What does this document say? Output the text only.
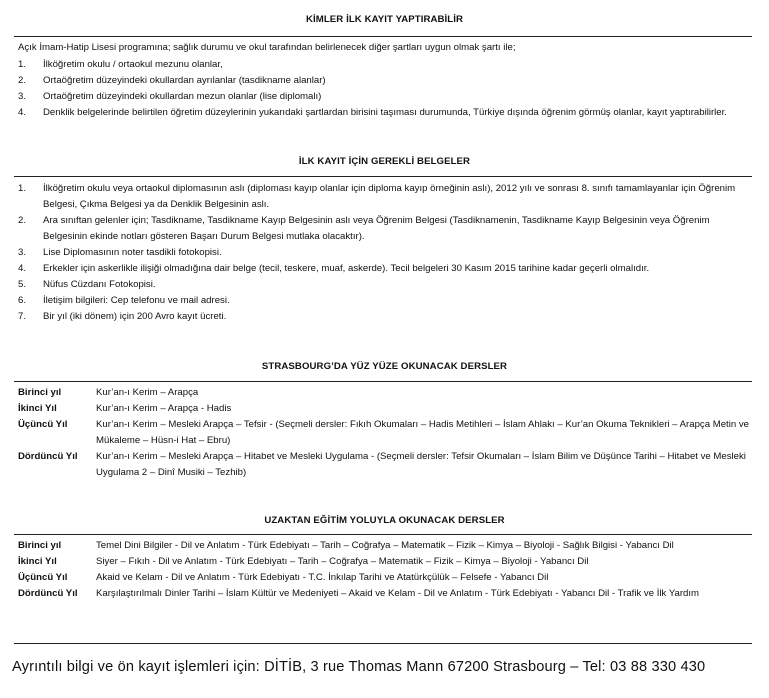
KİMLER İLK KAYIT YAPTIRABİLİR
Açık İmam-Hatip Lisesi programına; sağlık durumu ve okul tarafından belirlenecek diğer şartları uygun olmak şartı ile;
1.	İlköğretim okulu / ortaokul mezunu olanlar,
2.	Ortaöğretim düzeyindeki okullardan ayrılanlar (tasdikname alanlar)
3.	Ortaöğretim düzeyindeki okullardan mezun olanlar (lise diplomalı)
4. Denklik belgelerinde belirtilen öğretim düzeylerinin yukarıdaki şartlardan birisini taşıması durumunda, Türkiye dışında öğrenim görmüş olanlar, kayıt yaptırabilirler.
İLK KAYIT İÇİN GEREKLİ BELGELER
1.	İlköğretim okulu veya ortaokul diplomasının aslı (diploması kayıp olanlar için diploma kayıp örneğinin aslı), 2012 yılı ve sonrası 8. sınıfı tamamlayanlar için Öğrenim Belgesi, Çıkma Belgesi ya da Denklik Belgesinin aslı.
2.	Ara sınıftan gelenler için; Tasdikname, Tasdikname Kayıp Belgesinin aslı veya Öğrenim Belgesi (Tasdiknamenin, Tasdikname Kayıp Belgesinin veya Öğrenim Belgesinin ekinde notları gösteren Başarı Durum Belgesi mutlaka olacaktır).
3.	Lise Diplomasının noter tasdikli fotokopisi.
4.	Erkekler için askerlikle ilişiği olmadığına dair belge (tecil, teskere, muaf, askerde). Tecil belgeleri 30 Kasım 2015 tarihine kadar geçerli olmalıdır.
5.	Nüfus Cüzdanı Fotokopisi.
6.	İletişim bilgileri: Cep telefonu ve mail adresi.
7.	Bir yıl (iki dönem) için 200 Avro kayıt ücreti.
STRASBOURG’DA YÜZ YÜZE OKUNACAK DERSLER
Birinci yıl	Kur’an-ı Kerim – Arapça
İkinci Yıl	Kur’an-ı Kerim – Arapça - Hadis
Üçüncü Yıl	Kur’an-ı Kerim – Mesleki Arapça – Tefsir - (Seçmeli dersler: Fıkıh Okumaları – Hadis Metihleri – İslam Ahlakı – Kur’an Okuma Teknikleri – Arapça Metin ve Mükaleme – Hüsn-i Hat – Ebru)
Dördüncü Yıl	Kur’an-ı Kerim – Mesleki Arapça – Hitabet ve Mesleki Uygulama - (Seçmeli dersler: Tefsir Okumaları – İslam Bilim ve Düşünce Tarihi – Hitabet ve Mesleki Uygulama 2 – Dinî Musiki – Tezhib)
UZAKTAN EĞİTİM YOLUYLA OKUNACAK DERSLER
Birinci yıl	Temel Dini Bilgiler - Dil ve Anlatım - Türk Edebiyatı – Tarih – Coğrafya – Matematik – Fizik – Kimya – Biyoloji - Sağlık Bilgisi - Yabancı Dil
İkinci Yıl	Siyer – Fıkıh - Dil ve Anlatım - Türk Edebiyatı – Tarih – Coğrafya – Matematik – Fizik – Kimya – Biyoloji - Yabancı Dil
Üçüncü Yıl	Akaid ve Kelam - Dil ve Anlatım - Türk Edebiyatı - T.C. İnkılap Tarihi ve Atatürkçülük – Felsefe - Yabancı Dil
Dördüncü Yıl	Karşılaştırılmalı Dinler Tarihi – İslam Kültür ve Medeniyeti – Akaid ve Kelam - Dil ve Anlatım - Türk Edebiyatı - Yabancı Dil - Trafik ve İlk Yardım
Ayrıntılı bilgi ve ön kayıt işlemleri için: DİTİB, 3 rue Thomas Mann 67200 Strasbourg – Tel: 03 88 330 430
